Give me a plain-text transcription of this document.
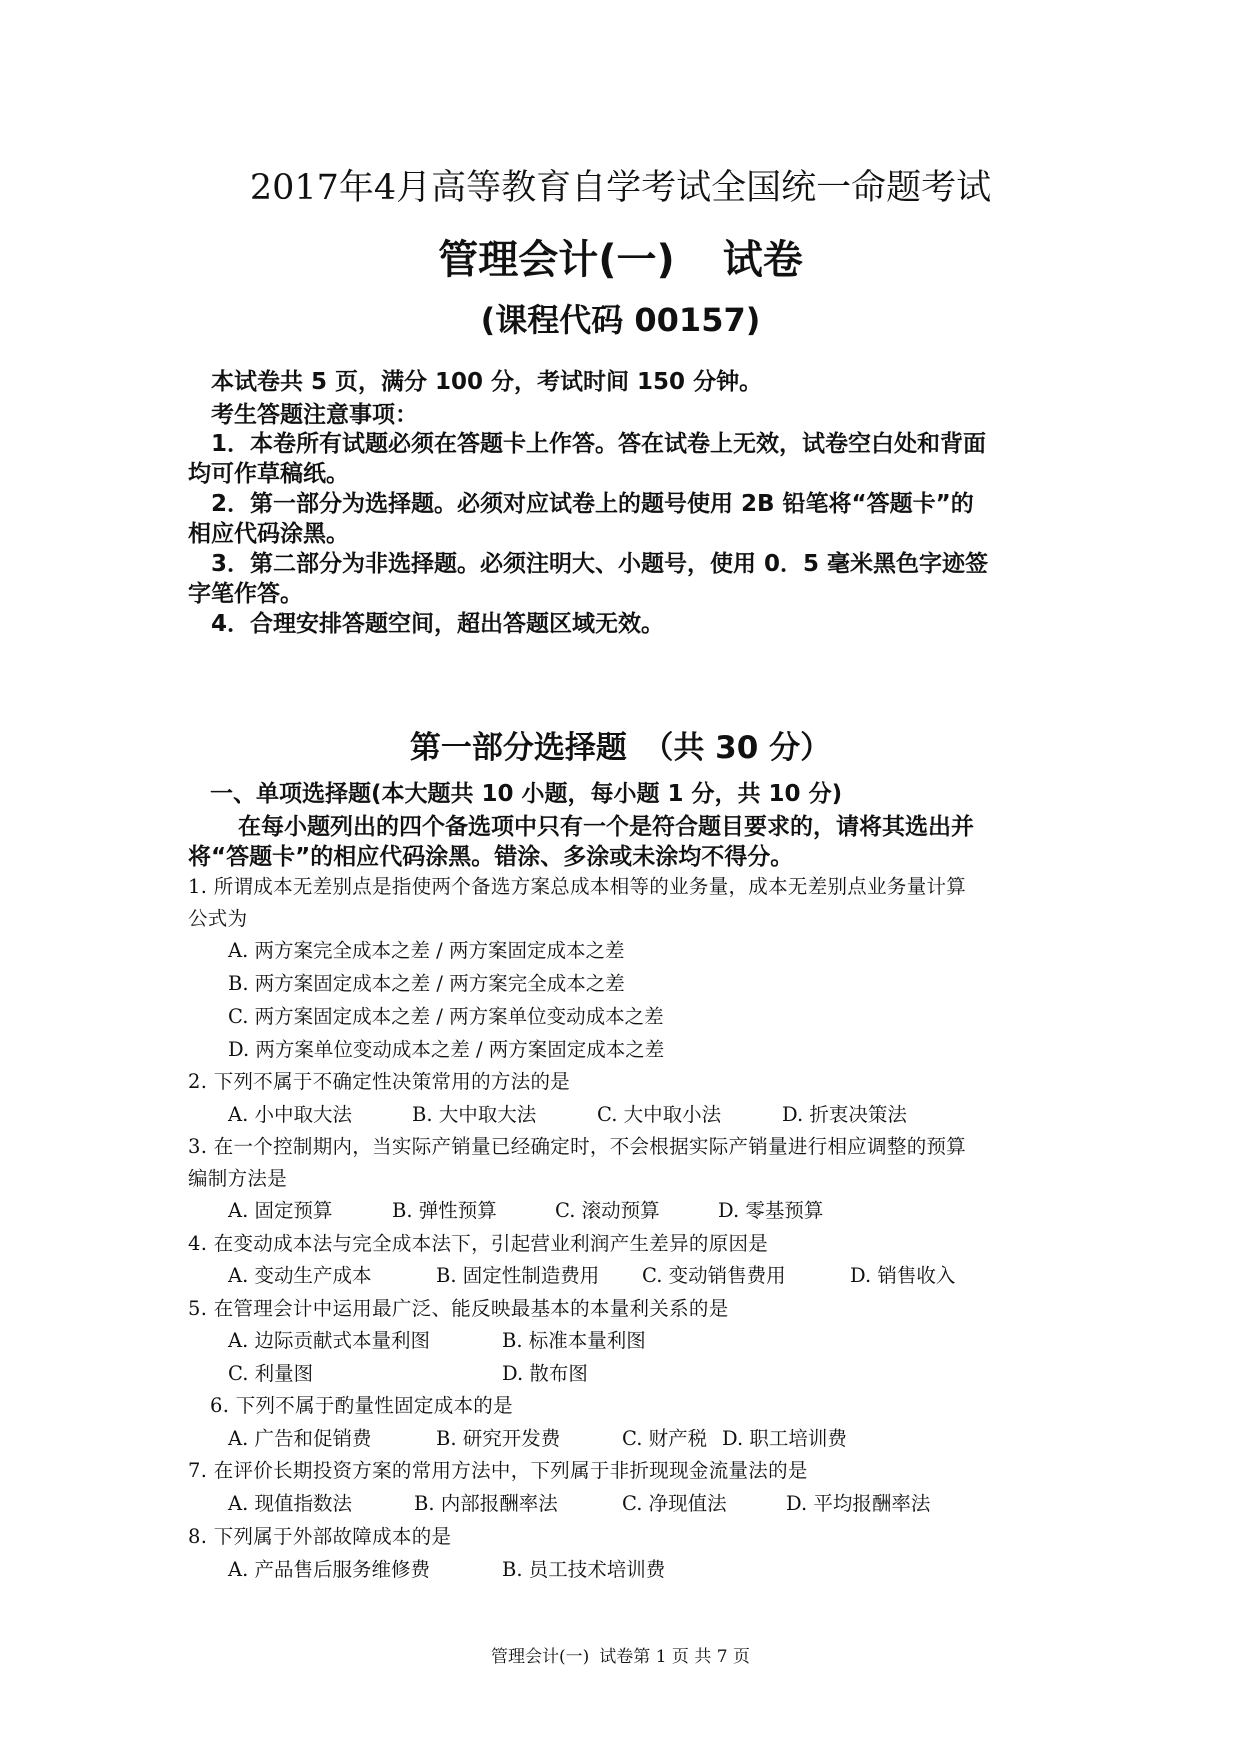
2017年4月高等教育自学考试全国统一命题考试
管理会计(一) 试卷
(课程代码 00157)
本试卷共 5 页，满分 100 分，考试时间 150 分钟。
考生答题注意事项：
1．本卷所有试题必须在答题卡上作答。答在试卷上无效，试卷空白处和背面
均可作草稿纸。
2．第一部分为选择题。必须对应试卷上的题号使用 2B 铅笔将“答题卡”的
相应代码涂黑。
3．第二部分为非选择题。必须注明大、小题号，使用 0．5 毫米黑色字迹签
字笔作答。
4．合理安排答题空间，超出答题区域无效。
第一部分选择题　（共 30 分）
一、单项选择题(本大题共 10 小题，每小题 1 分，共 10 分)
在每小题列出的四个备选项中只有一个是符合题目要求的，请将其选出并
将“答题卡”的相应代码涂黑。错涂、多涂或未涂均不得分。
1. 所谓成本无差别点是指使两个备选方案总成本相等的业务量，成本无差别点业务量计算
公式为
A. 两方案完全成本之差 / 两方案固定成本之差
B. 两方案固定成本之差 / 两方案完全成本之差
C. 两方案固定成本之差 / 两方案单位变动成本之差
D. 两方案单位变动成本之差 / 两方案固定成本之差
2. 下列不属于不确定性决策常用的方法的是
A. 小中取大法	B. 大中取大法	C. 大中取小法	D. 折衷决策法
3. 在一个控制期内，当实际产销量已经确定时，不会根据实际产销量进行相应调整的预算
编制方法是
A. 固定预算	B. 弹性预算	C. 滚动预算	D. 零基预算
4. 在变动成本法与完全成本法下，引起营业利润产生差异的原因是
A. 变动生产成本	B. 固定性制造费用 C. 变动销售费用	D. 销售收入
5. 在管理会计中运用最广泛、能反映最基本的本量利关系的是
A. 边际贡献式本量利图	B. 标准本量利图
C. 利量图	D. 散布图
6. 下列不属于酌量性固定成本的是
A. 广告和促销费	B. 研究开发费	C. 财产税 D. 职工培训费
7. 在评价长期投资方案的常用方法中，下列属于非折现现金流量法的是
A. 现值指数法	B. 内部报酬率法	C. 净现值法	D. 平均报酬率法
8. 下列属于外部故障成本的是
A. 产品售后服务维修费	B. 员工技术培训费
管理会计(一) 试卷第 1 页 共 7 页
